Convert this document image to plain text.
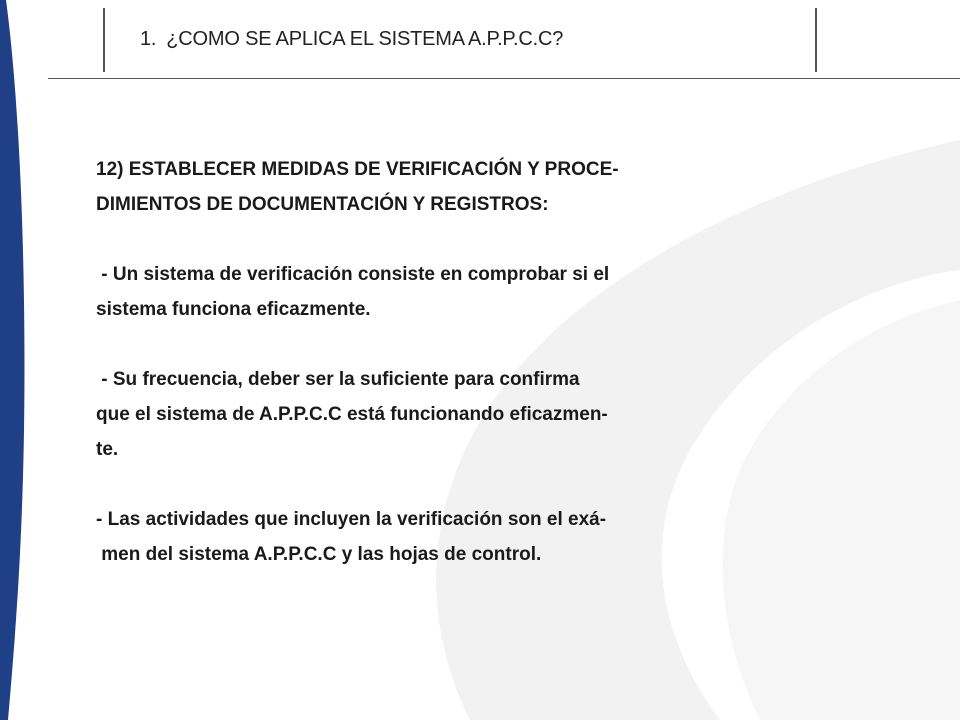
1. ¿COMO SE APLICA EL SISTEMA A.P.P.C.C?

12) ESTABLECER MEDIDAS DE VERIFICACIÓN Y PROCE-

DIMIENTOS DE DOCUMENTACIÓN Y REGISTROS:

- Un sistema de verificación consiste en comprobar si el

sistema funciona eficazmente.

- Su frecuencia, deber ser la suficiente para confirma

que el sistema de A.P.P.C.C está funcionando eficazmen-

te.

- Las actividades que incluyen la verificación son el exá-

men del sistema A.P.P.C.C y las hojas de control.
